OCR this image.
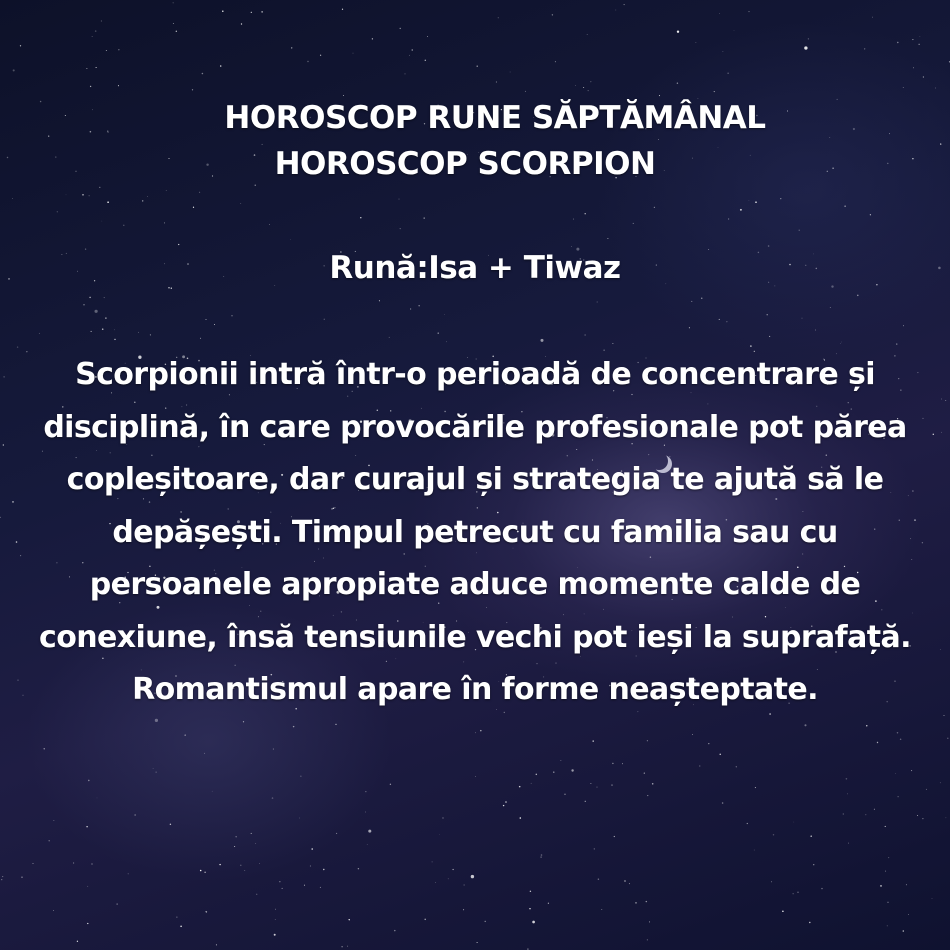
HOROSCOP RUNE SĂPTĂMÂNAL
HOROSCOP SCORPION
Rună:Isa + Tiwaz
Scorpionii intră într-o perioadă de concentrare și disciplină, în care provocările profesionale pot părea copleșitoare, dar curajul și strategia te ajută să le depășești. Timpul petrecut cu familia sau cu persoanele apropiate aduce momente calde de conexiune, însă tensiunile vechi pot ieși la suprafață. Romantismul apare în forme neașteptate.
